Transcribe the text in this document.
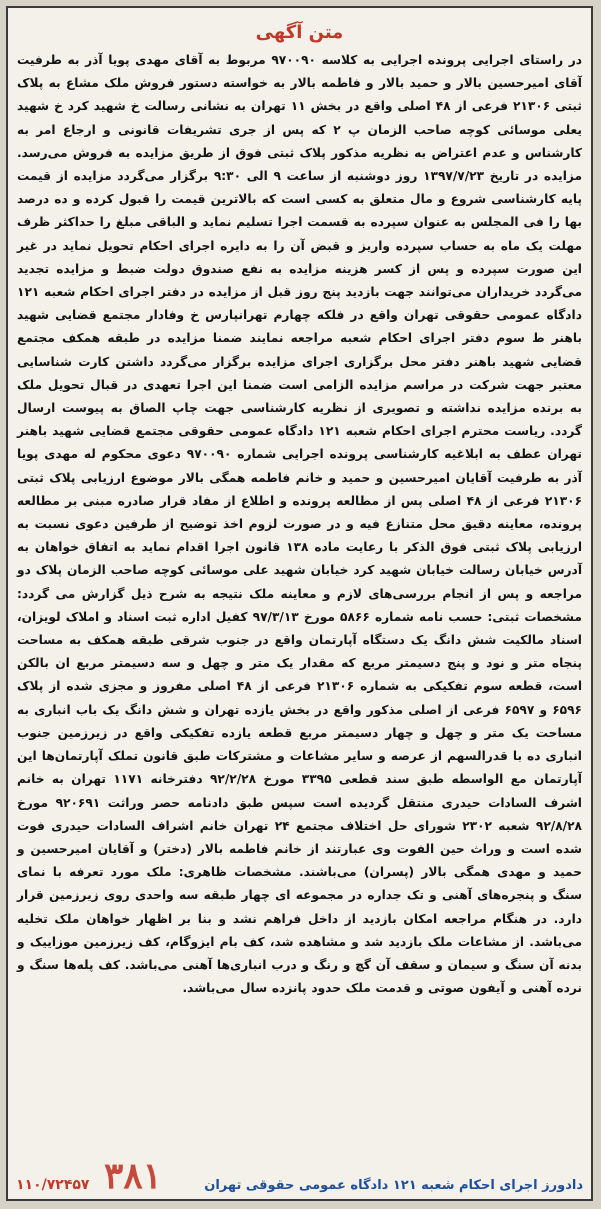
متن آگهی

در راستای اجرایی پرونده اجرایی به کلاسه ۹۷۰۰۹۰ مربوط به آقای مهدی پویا آذر به طرفیت آقای امیرحسین بالار و حمید بالار و فاطمه بالار به خواسته دستور فروش ملک مشاع به پلاک ثبتی ۲۱۳۰۶ فرعی از ۴۸ اصلی واقع در بخش ۱۱ تهران به نشانی رسالت خ شهید کرد خ شهید یعلی موسائی کوچه صاحب الزمان پ ۲ که پس از جری تشریفات قانونی و ارجاع امر به کارشناس و عدم اعتراض به نظریه مذکور پلاک ثبتی فوق از طریق مزایده به فروش می‌رسد. مزایده در تاریخ ۱۳۹۷/۷/۲۳ روز دوشنبه از ساعت ۹ الی ۹:۳۰ برگزار می‌گردد مزایده از قیمت پایه کارشناسی شروع و مال متعلق به کسی است که بالاترین قیمت را قبول کرده و ده درصد بها را فی المجلس به عنوان سپرده به قسمت اجرا تسلیم نماید و الباقی مبلغ را حداکثر ظرف مهلت یک ماه به حساب سپرده واریز و قبض آن را به دایره اجرای احکام تحویل نماید در غیر این صورت سپرده و پس از کسر هزینه مزایده به نفع صندوق دولت ضبط و مزایده تجدید می‌گردد خریداران می‌توانند جهت بازدید پنج روز قبل از مزایده در دفتر اجرای احکام شعبه ۱۲۱ دادگاه عمومی حقوقی تهران واقع در فلکه چهارم تهرانپارس خ وفادار مجتمع قضایی شهید باهنر ط سوم دفتر اجرای احکام شعبه مراجعه نمایند ضمنا مزایده در طبقه همکف مجتمع قضایی شهید باهنر دفتر محل برگزاری اجرای مزایده برگزار می‌گردد داشتن کارت شناسایی معتبر جهت شرکت در مراسم مزایده الزامی است ضمنا این اجرا تعهدی در قبال تحویل ملک به برنده مزایده نداشته و تصویری از نظریه کارشناسی جهت چاپ الصاق به پیوست ارسال گردد. ریاست محترم اجرای احکام شعبه ۱۲۱ دادگاه عمومی حقوقی مجتمع قضایی شهید باهنر تهران عطف به ابلاغیه کارشناسی پرونده اجرایی شماره ۹۷۰۰۹۰ دعوی محکوم له مهدی پویا آذر به طرفیت آقایان امیرحسین و حمید و خانم فاطمه همگی بالار موضوع ارزیابی پلاک ثبتی ۲۱۳۰۶ فرعی از ۴۸ اصلی پس از مطالعه پرونده و اطلاع از مفاد قرار صادره مبنی بر مطالعه پرونده، معاینه دقیق محل متنازع فیه و در صورت لزوم اخذ توضیح از طرفین دعوی نسبت به ارزیابی پلاک ثبتی فوق الذکر با رعایت ماده ۱۳۸ قانون اجرا اقدام نماید به اتفاق خواهان به آدرس خیابان رسالت خیابان شهید کرد خیابان شهید علی موسائی کوچه صاحب الزمان پلاک دو مراجعه و پس از انجام بررسی‌های لازم و معاینه ملک نتیجه به شرح ذیل گزارش می گردد: مشخصات ثبتی: حسب نامه شماره ۵۸۶۶ مورخ ۹۷/۳/۱۳ کفیل اداره ثبت اسناد و املاک لویزان، اسناد مالکیت شش دانگ یک دستگاه آپارتمان واقع در جنوب شرقی طبقه همکف به مساحت پنجاه متر و نود و پنج دسیمتر مربع که مقدار یک متر و چهل و سه دسیمتر مربع ان بالکن است، قطعه سوم تفکیکی به شماره ۲۱۳۰۶ فرعی از ۴۸ اصلی مفروز و مجزی شده از پلاک ۶۵۹۶ و ۶۵۹۷ فرعی از اصلی مذکور واقع در بخش یازده تهران و شش دانگ یک باب انباری به مساحت یک متر و چهل و چهار دسیمتر مربع قطعه یازده تفکیکی واقع در زیرزمین جنوب انباری ده با قدرالسهم از عرصه و سایر مشاعات و مشترکات طبق قانون تملک آپارتمان‌ها این آپارتمان مع الواسطه طبق سند قطعی ۳۳۹۵ مورخ ۹۲/۲/۲۸ دفترخانه ۱۱۷۱ تهران به خانم اشرف السادات حیدری منتقل گردیده است سپس طبق دادنامه حصر وراثت ۹۲۰۶۹۱ مورخ ۹۲/۸/۲۸ شعبه ۲۳۰۲ شورای حل اختلاف مجتمع ۲۴ تهران خانم اشراف السادات حیدری فوت شده است و وراث حین الفوت وی عبارتند از خانم فاطمه بالار (دختر) و آقایان امیرحسین و حمید و مهدی همگی بالار (پسران) می‌باشند. مشخصات ظاهری: ملک مورد تعرفه با نمای سنگ و پنجره‌های آهنی و تک جداره در مجموعه ای چهار طبقه سه واحدی روی زیرزمین قرار دارد. در هنگام مراجعه امکان بازدید از داخل فراهم نشد و بنا بر اظهار خواهان ملک تخلیه می‌باشد. از مشاعات ملک بازدید شد و مشاهده شد، کف بام ایزوگام، کف زیرزمین موزاییک و بدنه آن سنگ و سیمان و سقف آن گچ و رنگ و درب انباری‌ها آهنی می‌باشد. کف پله‌ها سنگ و نرده آهنی و آیفون صوتی و قدمت ملک حدود پانزده سال می‌باشد.

۱۱۰/۷۲۴۵۷	دادورز اجرای احکام شعبه ۱۲۱ دادگاه عمومی حقوقی تهران
۳۸۱
